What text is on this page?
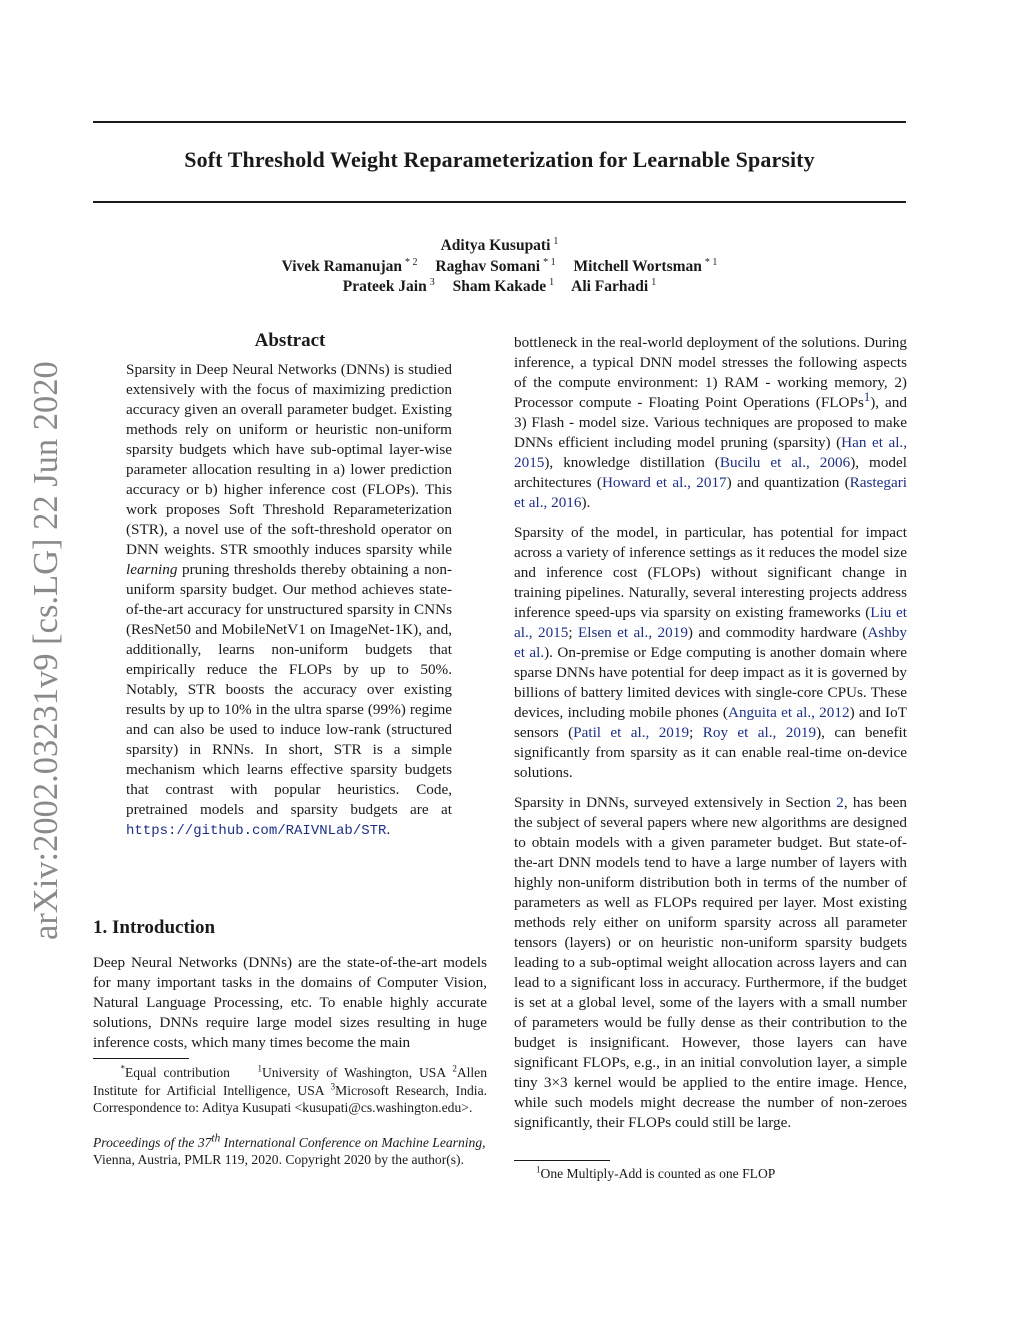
arXiv:2002.03231v9 [cs.LG] 22 Jun 2020
Soft Threshold Weight Reparameterization for Learnable Sparsity
Aditya Kusupati $^1$
Vivek Ramanujan $^{* 2}$ Raghav Somani $^{* 1}$ Mitchell Wortsman $^{* 1}$
Prateek Jain $^3$ Sham Kakade $^1$ Ali Farhadi $^1$
Abstract
Sparsity in Deep Neural Networks (DNNs) is studied extensively with the focus of maximizing prediction accuracy given an overall parameter budget. Existing methods rely on uniform or heuristic non-uniform sparsity budgets which have sub-optimal layer-wise parameter allocation resulting in a) lower prediction accuracy or b) higher inference cost (FLOPs). This work proposes Soft Threshold Reparameterization (STR), a novel use of the soft-threshold operator on DNN weights. STR smoothly induces sparsity while learning pruning thresholds thereby obtaining a non-uniform sparsity budget. Our method achieves state-of-the-art accuracy for unstructured sparsity in CNNs (ResNet50 and MobileNetV1 on ImageNet-1K), and, additionally, learns non-uniform budgets that empirically reduce the FLOPs by up to 50%. Notably, STR boosts the accuracy over existing results by up to 10% in the ultra sparse (99%) regime and can also be used to induce low-rank (structured sparsity) in RNNs. In short, STR is a simple mechanism which learns effective sparsity budgets that contrast with popular heuristics. Code, pretrained models and sparsity budgets are at https://github.com/RAIVNLab/STR.
1. Introduction

Deep Neural Networks (DNNs) are the state-of-the-art models for many important tasks in the domains of Computer Vision, Natural Language Processing, etc. To enable highly accurate solutions, DNNs require large model sizes resulting in huge inference costs, which many times become the main

*Equal contribution	$^1$University of Washington, USA $^2$Allen Institute for Artificial Intelligence, USA $^3$Microsoft Research, India. Correspondence to: Aditya Kusupati <kusupati@cs.washington.edu>.

Proceedings of the 37th International Conference on Machine Learning, Vienna, Austria, PMLR 119, 2020. Copyright 2020 by the author(s).

bottleneck in the real-world deployment of the solutions. During inference, a typical DNN model stresses the following aspects of the compute environment: 1) RAM - working memory, 2) Processor compute - Floating Point Operations (FLOPs$^1$), and 3) Flash - model size. Various techniques are proposed to make DNNs efficient including model pruning (sparsity) (Han et al., 2015), knowledge distillation (Bucilu et al., 2006), model architectures (Howard et al., 2017) and quantization (Rastegari et al., 2016).

Sparsity of the model, in particular, has potential for impact across a variety of inference settings as it reduces the model size and inference cost (FLOPs) without significant change in training pipelines. Naturally, several interesting projects address inference speed-ups via sparsity on existing frameworks (Liu et al., 2015; Elsen et al., 2019) and commodity hardware (Ashby et al.). On-premise or Edge computing is another domain where sparse DNNs have potential for deep impact as it is governed by billions of battery limited devices with single-core CPUs. These devices, including mobile phones (Anguita et al., 2012) and IoT sensors (Patil et al., 2019; Roy et al., 2019), can benefit significantly from sparsity as it can enable real-time on-device solutions.

Sparsity in DNNs, surveyed extensively in Section 2, has been the subject of several papers where new algorithms are designed to obtain models with a given parameter budget. But state-of-the-art DNN models tend to have a large number of layers with highly non-uniform distribution both in terms of the number of parameters as well as FLOPs required per layer. Most existing methods rely either on uniform sparsity across all parameter tensors (layers) or on heuristic non-uniform sparsity budgets leading to a sub-optimal weight allocation across layers and can lead to a significant loss in accuracy. Furthermore, if the budget is set at a global level, some of the layers with a small number of parameters would be fully dense as their contribution to the budget is insignificant. However, those layers can have significant FLOPs, e.g., in an initial convolution layer, a simple tiny 3×3 kernel would be applied to the entire image. Hence, while such models might decrease the number of non-zeroes significantly, their FLOPs could still be large.

$^1$One Multiply-Add is counted as one FLOP
